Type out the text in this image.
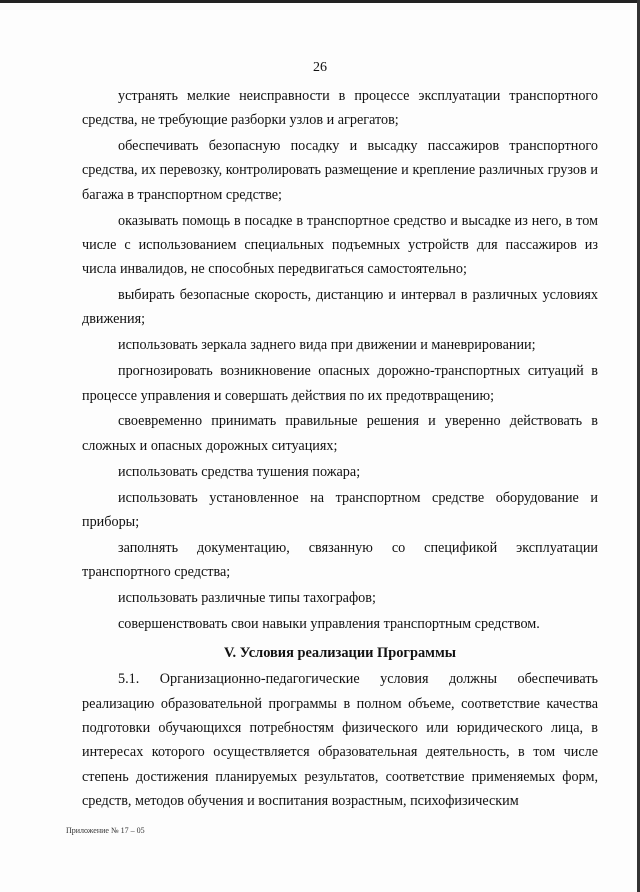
26

устранять мелкие неисправности в процессе эксплуатации транспортного средства, не требующие разборки узлов и агрегатов;

обеспечивать безопасную посадку и высадку пассажиров транспортного средства, их перевозку, контролировать размещение и крепление различных грузов и багажа в транспортном средстве;

оказывать помощь в посадке в транспортное средство и высадке из него, в том числе с использованием специальных подъемных устройств для пассажиров из числа инвалидов, не способных передвигаться самостоятельно;

выбирать безопасные скорость, дистанцию и интервал в различных условиях движения;

использовать зеркала заднего вида при движении и маневрировании;

прогнозировать возникновение опасных дорожно-транспортных ситуаций в процессе управления и совершать действия по их предотвращению;

своевременно принимать правильные решения и уверенно действовать в сложных и опасных дорожных ситуациях;

использовать средства тушения пожара;

использовать установленное на транспортном средстве оборудование и приборы;

заполнять документацию, связанную со спецификой эксплуатации транспортного средства;

использовать различные типы тахографов;

совершенствовать свои навыки управления транспортным средством.

V. Условия реализации Программы

5.1. Организационно-педагогические условия должны обеспечивать реализацию образовательной программы в полном объеме, соответствие качества подготовки обучающихся потребностям физического или юридического лица, в интересах которого осуществляется образовательная деятельность, в том числе степень достижения планируемых результатов, соответствие применяемых форм, средств, методов обучения и воспитания возрастным, психофизическим

Приложение № 17 – 05
